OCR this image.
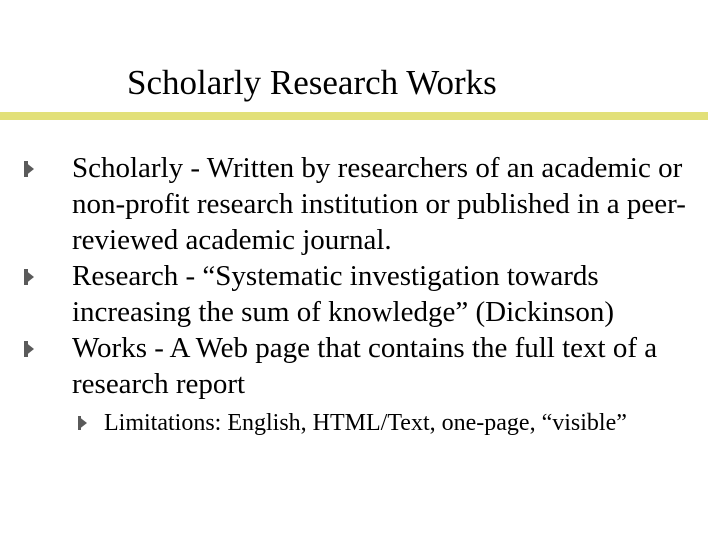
Scholarly Research Works
Scholarly - Written by researchers of an academic or non-profit research institution or published in a peer-reviewed academic journal.
Research - “Systematic investigation towards increasing the sum of knowledge” (Dickinson)
Works - A Web page that contains the full text of a research report
Limitations: English, HTML/Text, one-page, “visible”
